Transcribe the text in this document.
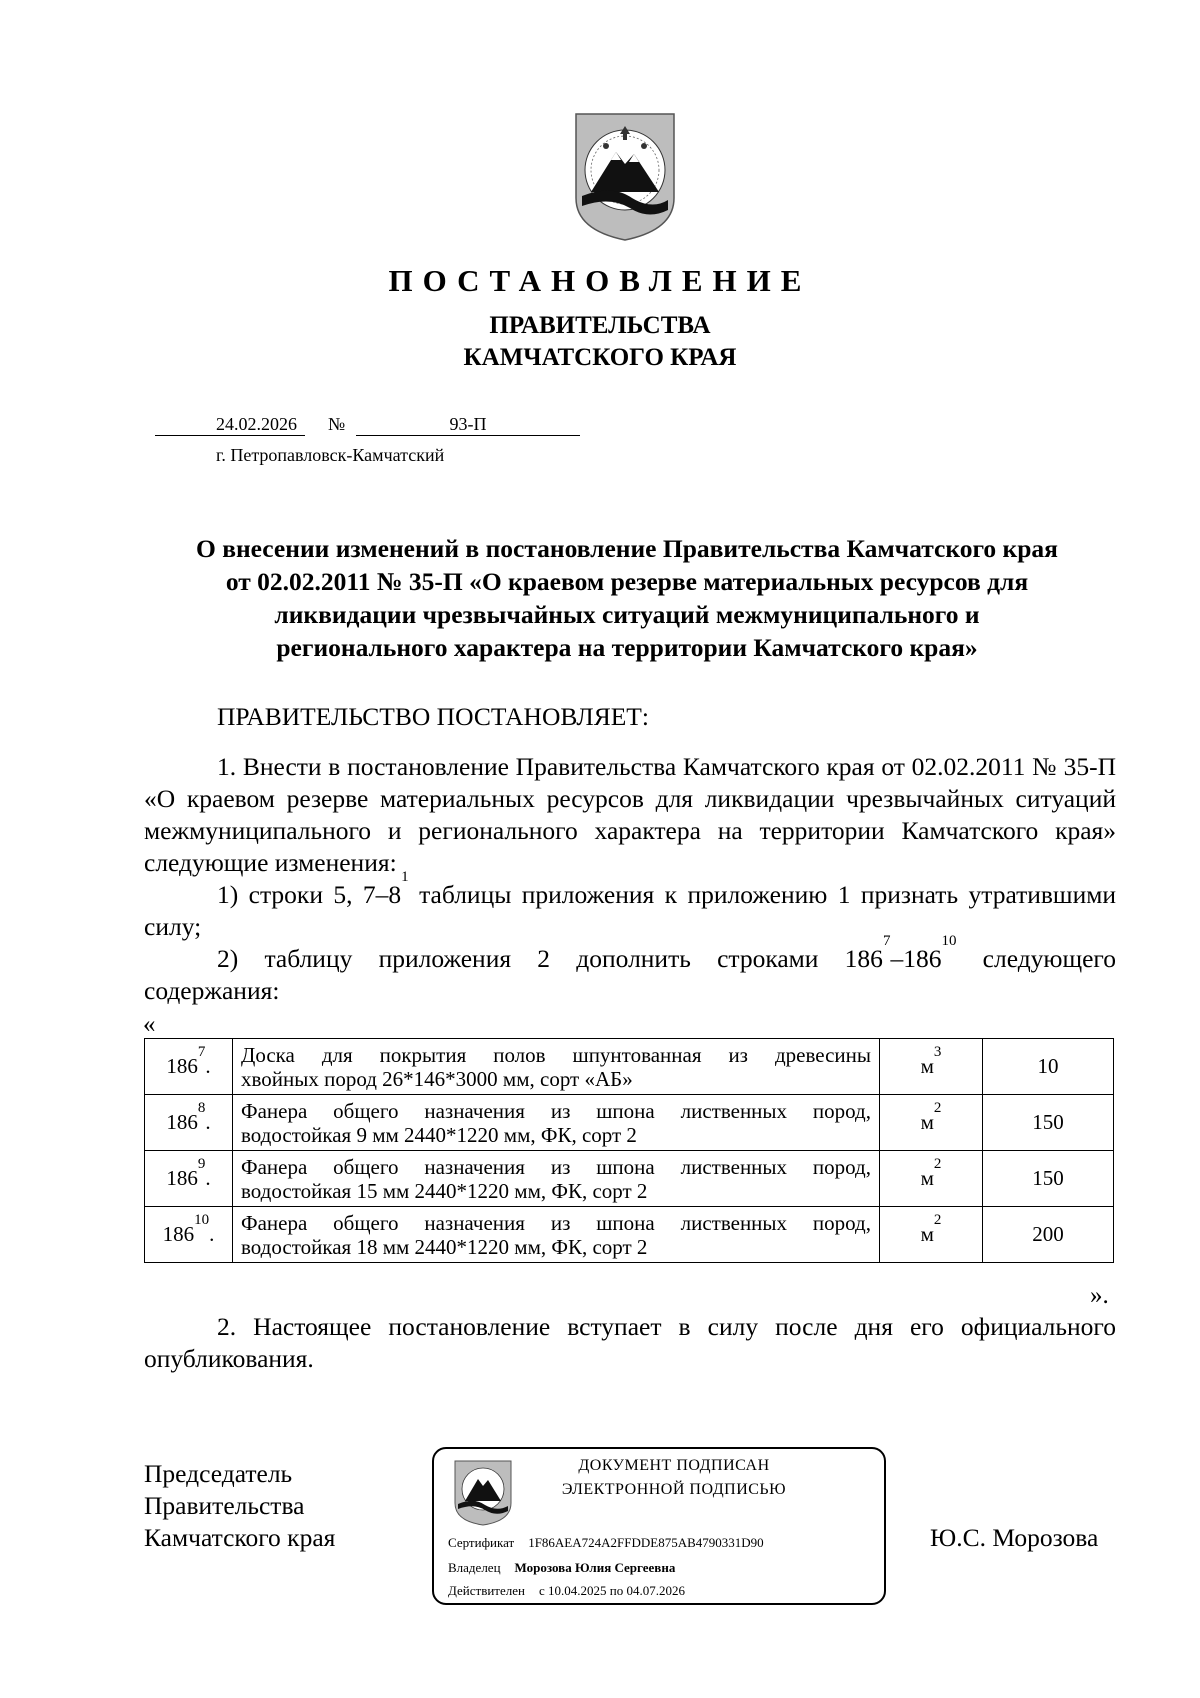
ПОСТАНОВЛЕНИЕ
ПРАВИТЕЛЬСТВА
КАМЧАТСКОГО КРАЯ
24.02.2026	№	93-П
г. Петропавловск-Камчатский
О внесении изменений в постановление Правительства Камчатского края
от 02.02.2011 № 35-П «О краевом резерве материальных ресурсов для
ликвидации чрезвычайных ситуаций межмуниципального и
регионального характера на территории Камчатского края»
ПРАВИТЕЛЬСТВО ПОСТАНОВЛЯЕТ:
1. Внести в постановление Правительства Камчатского края от 02.02.2011 № 35-П «О краевом резерве материальных ресурсов для ликвидации чрезвычайных ситуаций межмуниципального и регионального характера на территории Камчатского края» следующие изменения:
1) строки 5, $7-8^1$ таблицы приложения к приложению 1 признать утратившими силу;
2) таблицу приложения 2 дополнить строками $186^7-186^{10}$ следующего содержания:
«
$186^7$.	Доска для покрытия полов шпунтованная из древесины
хвойных пород 26*146*3000 мм, сорт «АБ»	$м^3$	10
$186^8$.	Фанера общего назначения из шпона лиственных пород,
водостойкая 9 мм 2440*1220 мм, ФК, сорт 2	$м^2$	150
$186^9$.	Фанера общего назначения из шпона лиственных пород,
водостойкая 15 мм 2440*1220 мм, ФК, сорт 2	$м^2$	150
$186^{10}$.	Фанера общего назначения из шпона лиственных пород,
водостойкая 18 мм 2440*1220 мм, ФК, сорт 2	$м^2$	200
».
2. Настоящее постановление вступает в силу после дня его официального опубликования.
Председатель
Правительства
Камчатского края
ДОКУМЕНТ ПОДПИСАН
ЭЛЕКТРОННОЙ ПОДПИСЬЮ
Сертификат 1F86AEA724A2FFDDE875AB4790331D90
Владелец Морозова Юлия Сергеевна
Действителен с 10.04.2025 по 04.07.2026
Ю.С. Морозова
